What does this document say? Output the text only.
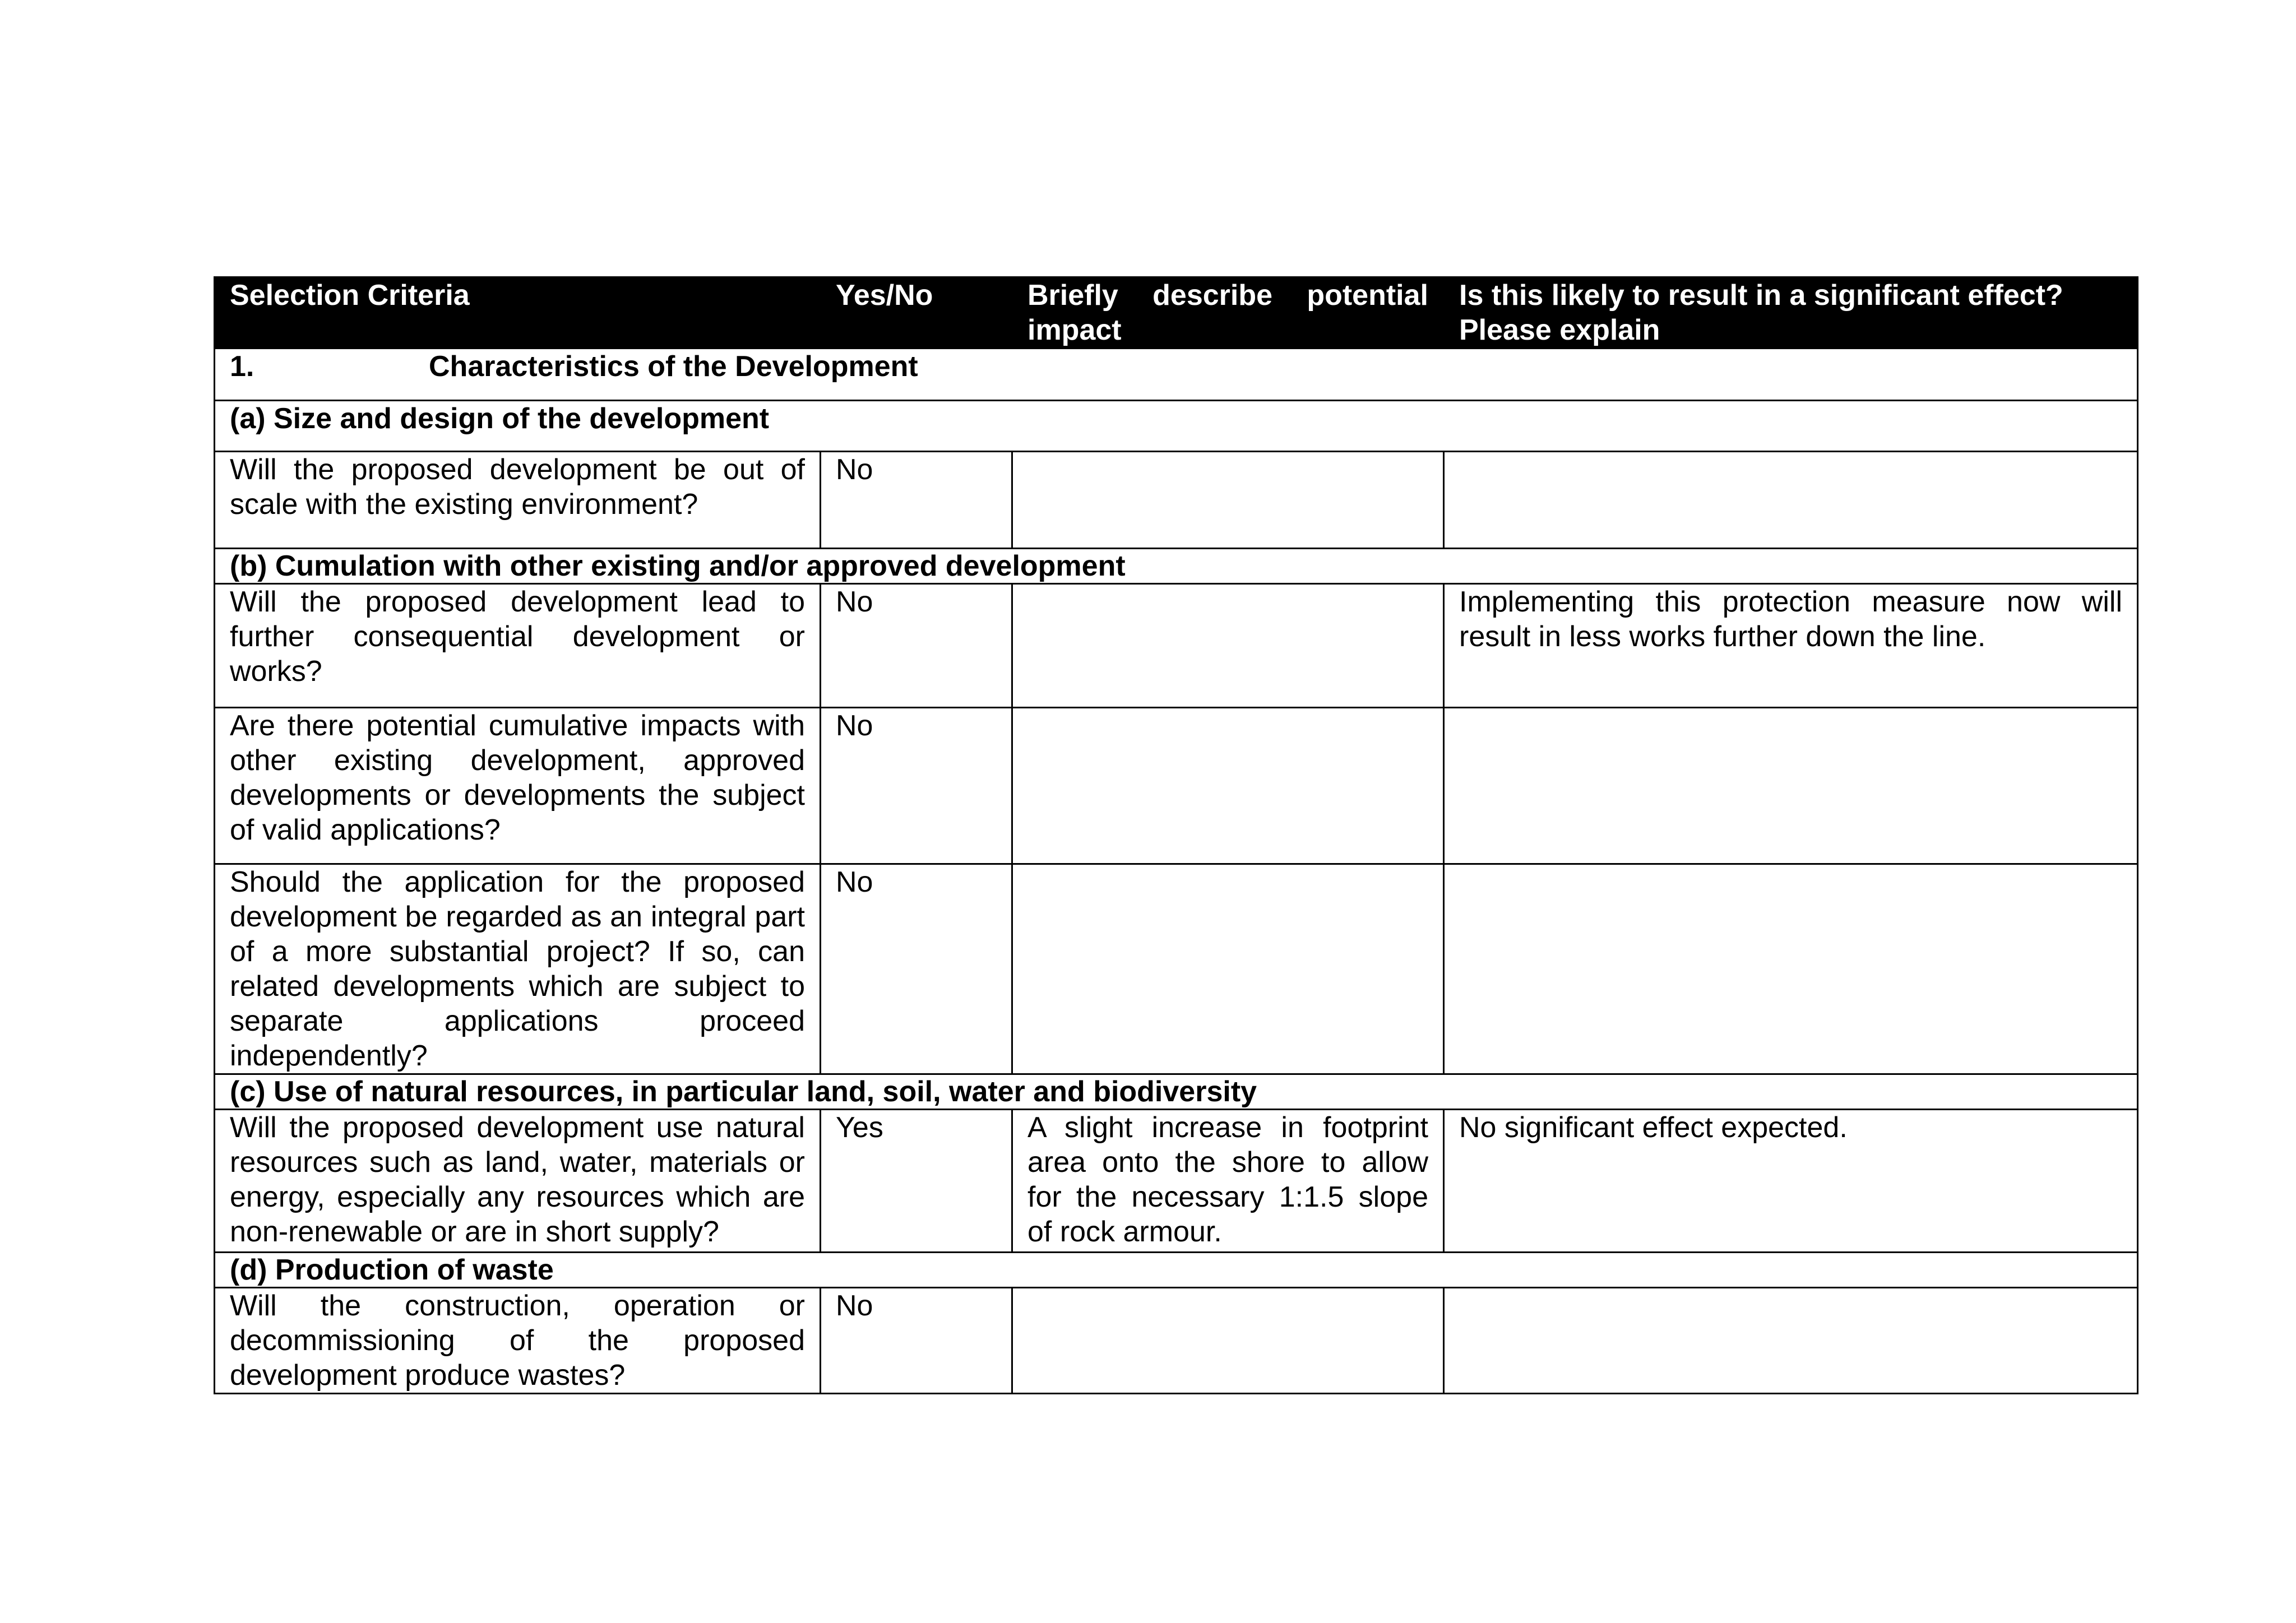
Selection Criteria	Yes/No	Briefly describe potential impact	Is this likely to result in a significant effect? Please explain
1. Characteristics of the Development			
(a) Size and design of the development			
Will the proposed development be out of scale with the existing environment?	No		
(b) Cumulation with other existing and/or approved development			
Will the proposed development lead to further consequential development or works?	No		Implementing this protection measure now will result in less works further down the line.
Are there potential cumulative impacts with other existing development, approved developments or developments the subject of valid applications?	No		
Should the application for the proposed development be regarded as an integral part of a more substantial project? If so, can related developments which are subject to separate applications proceed independently?	No		
(c) Use of natural resources, in particular land, soil, water and biodiversity			
Will the proposed development use natural resources such as land, water, materials or energy, especially any resources which are non-renewable or are in short supply?	Yes	A slight increase in footprint area onto the shore to allow for the necessary 1:1.5 slope of rock armour.	No significant effect expected.
(d) Production of waste			
Will the construction, operation or decommissioning of the proposed development produce wastes?	No		
